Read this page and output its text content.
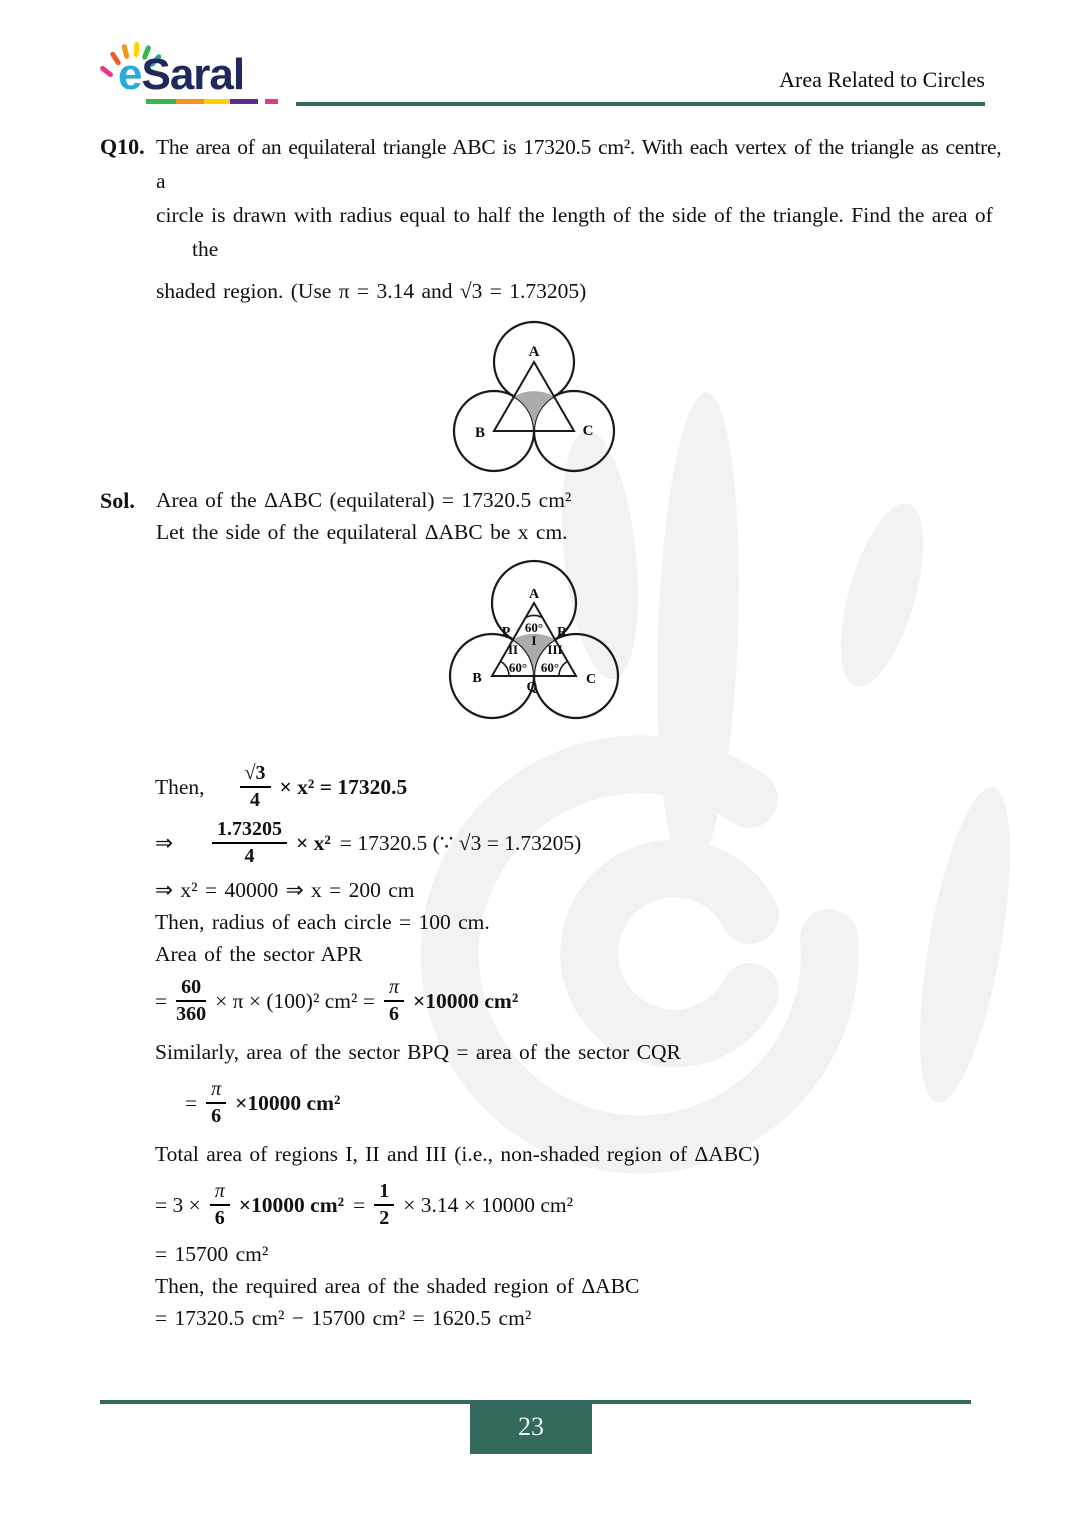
eSaral	Area Related to Circles
Q10. The area of an equilateral triangle ABC is 17320.5 cm². With each vertex of the triangle as centre, a
circle is drawn with radius equal to half the length of the side of the triangle. Find the area of
the
shaded region. (Use π = 3.14 and √3 = 1.73205)
A
B	C
Sol. Area of the ΔABC (equilateral) = 17320.5 cm²
Let the side of the equilateral ΔABC be x cm.
A
60°
I
P	R
II III
60° 60°
B	C
Q
Then, $\frac{√3}{4} \times x^2 = 17320.5$
⇒ $\frac{1.73205}{4} \times x^2 = 17320.5$ (∵ √3 = 1.73205)
⇒ x² = 40000 ⇒ x = 200 cm
Then, radius of each circle = 100 cm.
Area of the sector APR
= $\frac{60}{360} \times \pi \times (100)^2$ $cm^2 = \frac{\pi}{6} \times 10000$ cm²
Similarly, area of the sector BPQ = area of the sector CQR
= $\frac{\pi}{6} \times 10000$ cm²
Total area of regions I, II and III (i.e., non-shaded region of ΔABC)
= $3 \times \frac{\pi}{6} \times 10000$ $cm^2 = \frac{1}{2} \times 3.14 \times 10000$ cm²
= 15700 cm²
Then, the required area of the shaded region of ΔABC
= 17320.5 cm² − 15700 cm² = 1620.5 cm²
23
